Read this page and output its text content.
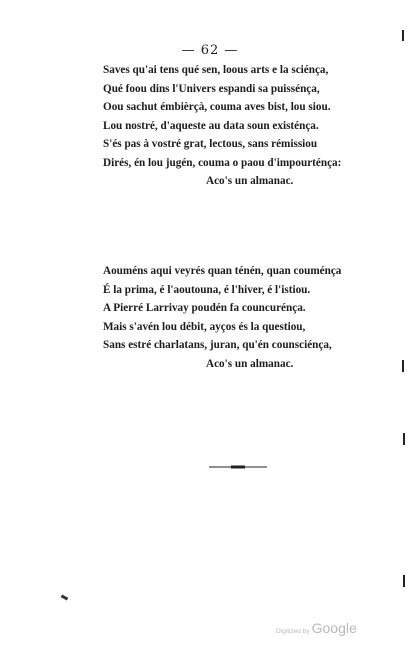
— 62 —
Saves qu'ai tens qué sen, loous arts e la sciénça,
Qué foou dins l'Univers espandi sa puissénça,
Oou sachut émbièrçà, couma aves bist, lou siou.
Lou nostré, d'aqueste au data soun existénça.
S'és pas à vostré grat, lectous, sans rémissiou
Dirés, én lou jugén, couma o paou d'impourténça:
Aco's un almanac.
Aouméns aqui veyrés quan ténén, quan couménça
É la prima, é l'aoutouna, é l'hiver, é l'istiou.
A Pierré Larrivay poudén fa councurénça.
Mais s'avén lou débit, ayços és la questiou,
Sans estré charlatans, juran, qu'én counsciénça,
Aco's un almanac.
Digitized by Google
